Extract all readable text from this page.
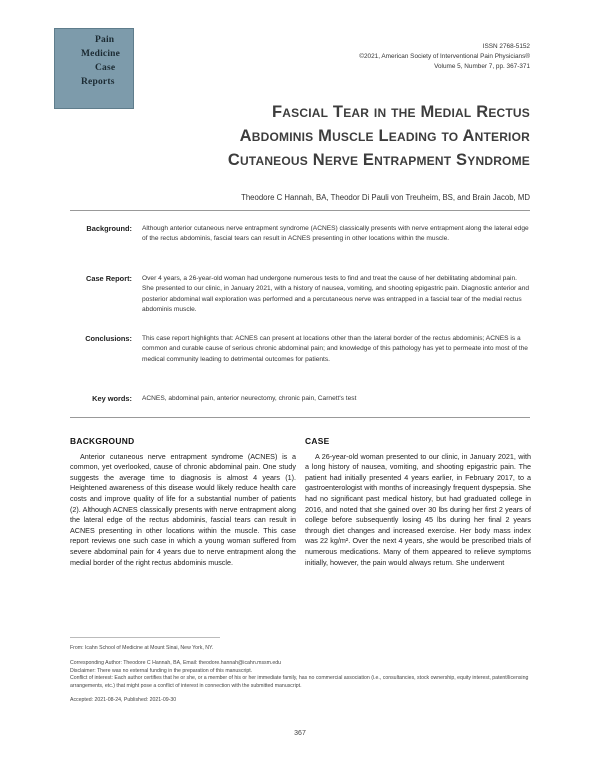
Pain
Medicine
Case
Reports
ISSN 2768-5152
©2021, American Society of Interventional Pain Physicians®
Volume 5, Number 7, pp. 367-371
Fascial Tear in the Medial Rectus
Abdominis Muscle Leading to Anterior
Cutaneous Nerve Entrapment Syndrome
Theodore C Hannah, BA, Theodor Di Pauli von Treuheim, BS, and Brain Jacob, MD
Background: Although anterior cutaneous nerve entrapment syndrome (ACNES) classically presents with nerve entrapment along the lateral edge of the rectus abdominis, fascial tears can result in ACNES presenting in other locations within the muscle.
Case Report: Over 4 years, a 26-year-old woman had undergone numerous tests to find and treat the cause of her debilitating abdominal pain. She presented to our clinic, in January 2021, with a history of nausea, vomiting, and shooting epigastric pain. Diagnostic anterior and posterior abdominal wall exploration was performed and a percutaneous nerve was entrapped in a fascial tear of the medial rectus abdominis muscle.
Conclusions: This case report highlights that: ACNES can present at locations other than the lateral border of the rectus abdominis; ACNES is a common and curable cause of serious chronic abdominal pain; and knowledge of this pathology has yet to permeate into most of the medical community leading to detrimental outcomes for patients.
Key words: ACNES, abdominal pain, anterior neurectomy, chronic pain, Carnett's test
BACKGROUND

Anterior cutaneous nerve entrapment syndrome (ACNES) is a common, yet overlooked, cause of chronic abdominal pain. One study suggests the average time to diagnosis is almost 4 years (1). Heightened awareness of this disease would likely reduce health care costs and improve quality of life for a substantial number of patients (2). Although ACNES classically presents with nerve entrapment along the lateral edge of the rectus abdominis, fascial tears can result in ACNES presenting in other locations within the muscle. This case report reviews one such case in which a young woman suffered from severe abdominal pain for 4 years due to nerve entrapment along the medial border of the right rectus abdominis muscle.

CASE

A 26-year-old woman presented to our clinic, in January 2021, with a long history of nausea, vomiting, and shooting epigastric pain. The patient had initially presented 4 years earlier, in February 2017, to a gastroenterologist with months of increasingly frequent dyspepsia. She had no significant past medical history, but had graduated college in 2016, and noted that she gained over 30 lbs during her first 2 years of college before subsequently losing 45 lbs during her final 2 years through diet changes and increased exercise. Her body mass index was 22 kg/m². Over the next 4 years, she would be prescribed trials of numerous medications. Many of them appeared to relieve symptoms initially, however, the pain would always return. She underwent

From: Icahn School of Medicine at Mount Sinai, New York, NY.
Corresponding Author: Theodore C Hannah, BA, Email: theodore.hannah@icahn.mssm.edu
Disclaimer: There was no external funding in the preparation of this manuscript.
Conflict of interest: Each author certifies that he or she, or a member of his or her immediate family, has no commercial association (i.e., consultancies, stock ownership, equity interest, patent/licensing arrangements, etc.) that might pose a conflict of interest in connection with the submitted manuscript.
Accepted: 2021-08-24, Published: 2021-09-30
367
